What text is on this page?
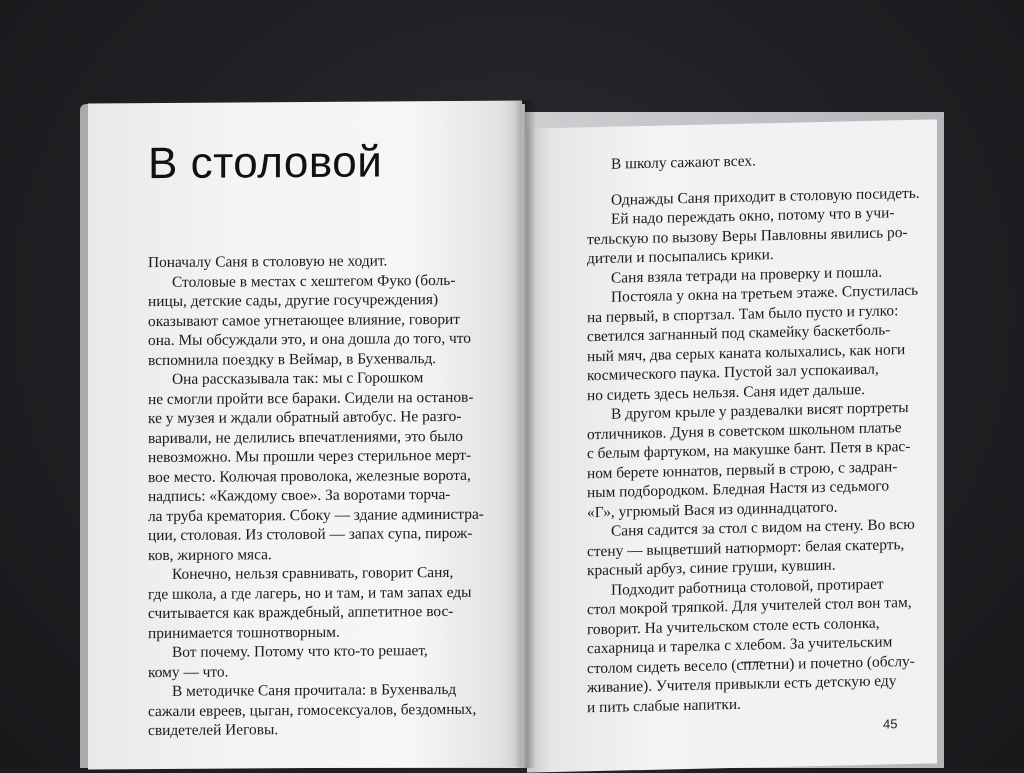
В столовой
Поначалу Саня в столовую не ходит.
Столовые в местах с хештегом Фуко (боль-
ницы, детские сады, другие госучреждения)
оказывают самое угнетающее влияние, говорит
она. Мы обсуждали это, и она дошла до того, что
вспомнила поездку в Веймар, в Бухенвальд.
Она рассказывала так: мы с Горошком
не смогли пройти все бараки. Сидели на останов-
ке у музея и ждали обратный автобус. Не разго-
варивали, не делились впечатлениями, это было
невозможно. Мы прошли через стерильное мерт-
вое место. Колючая проволока, железные ворота,
надпись: «Каждому свое». За воротами торча-
ла труба крематория. Сбоку — здание администра-
ции, столовая. Из столовой — запах супа, пирож-
ков, жирного мяса.
Конечно, нельзя сравнивать, говорит Саня,
где школа, а где лагерь, но и там, и там запах еды
считывается как враждебный, аппетитное вос-
принимается тошнотворным.
Вот почему. Потому что кто-то решает,
кому — что.
В методичке Саня прочитала: в Бухенвальд
сажали евреев, цыган, гомосексуалов, бездомных,
свидетелей Иеговы.
В школу сажают всех.
Однажды Саня приходит в столовую посидеть.
Ей надо переждать окно, потому что в учи-
тельскую по вызову Веры Павловны явились ро-
дители и посыпались крики.
Саня взяла тетради на проверку и пошла.
Постояла у окна на третьем этаже. Спустилась
на первый, в спортзал. Там было пусто и гулко:
светился загнанный под скамейку баскетболь-
ный мяч, два серых каната колыхались, как ноги
космического паука. Пустой зал успокаивал,
но сидеть здесь нельзя. Саня идет дальше.
В другом крыле у раздевалки висят портреты
отличников. Дуня в советском школьном платье
с белым фартуком, на макушке бант. Петя в крас-
ном берете юннатов, первый в строю, с задран-
ным подбородком. Бледная Настя из седьмого
«Г», угрюмый Вася из одиннадцатого.
Саня садится за стол с видом на стену. Во всю
стену — выцветший натюрморт: белая скатерть,
красный арбуз, синие груши, кувшин.
Подходит работница столовой, протирает
стол мокрой тряпкой. Для учителей стол вон там,
говорит. На учительском столе есть солонка,
сахарница и тарелка с хлебом. За учительским
столом сидеть весело (сплетни) и почетно (обслу-
живание). Учителя привыкли есть детскую еду
и пить слабые напитки.
45
